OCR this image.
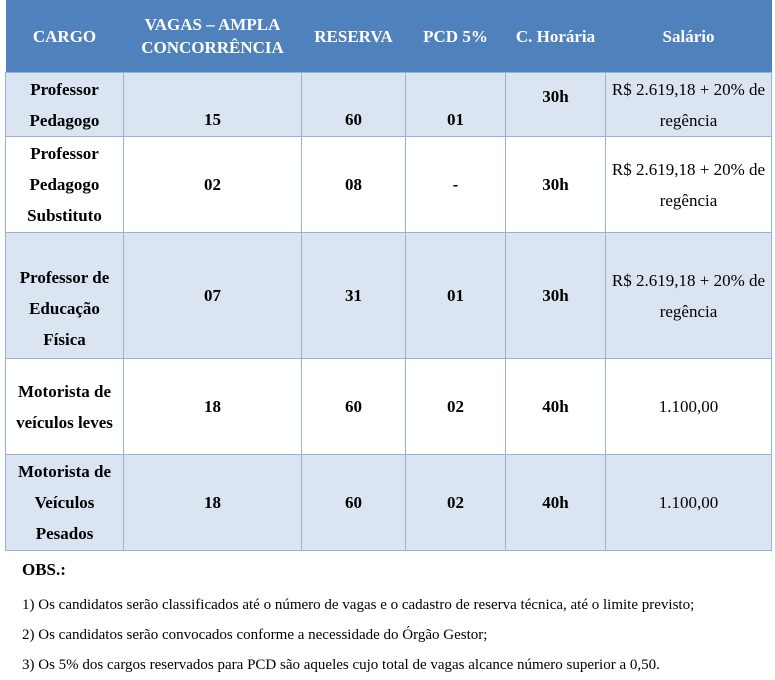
CARGO	VAGAS – AMPLA CONCORRÊNCIA	RESERVA	PCD 5%	C. Horária	Salário
Professor Pedagogo	15	60	01	30h	R$ 2.619,18 + 20% de regência
Professor Pedagogo Substituto	02	08	-	30h	R$ 2.619,18 + 20% de regência
Professor de Educação Física	07	31	01	30h	R$ 2.619,18 + 20% de regência
Motorista de veículos leves	18	60	02	40h	1.100,00
Motorista de Veículos Pesados	18	60	02	40h	1.100,00
OBS.:
1) Os candidatos serão classificados até o número de vagas e o cadastro de reserva técnica, até o limite previsto;
2) Os candidatos serão convocados conforme a necessidade do Órgão Gestor;
3) Os 5% dos cargos reservados para PCD são aqueles cujo total de vagas alcance número superior a 0,50.
